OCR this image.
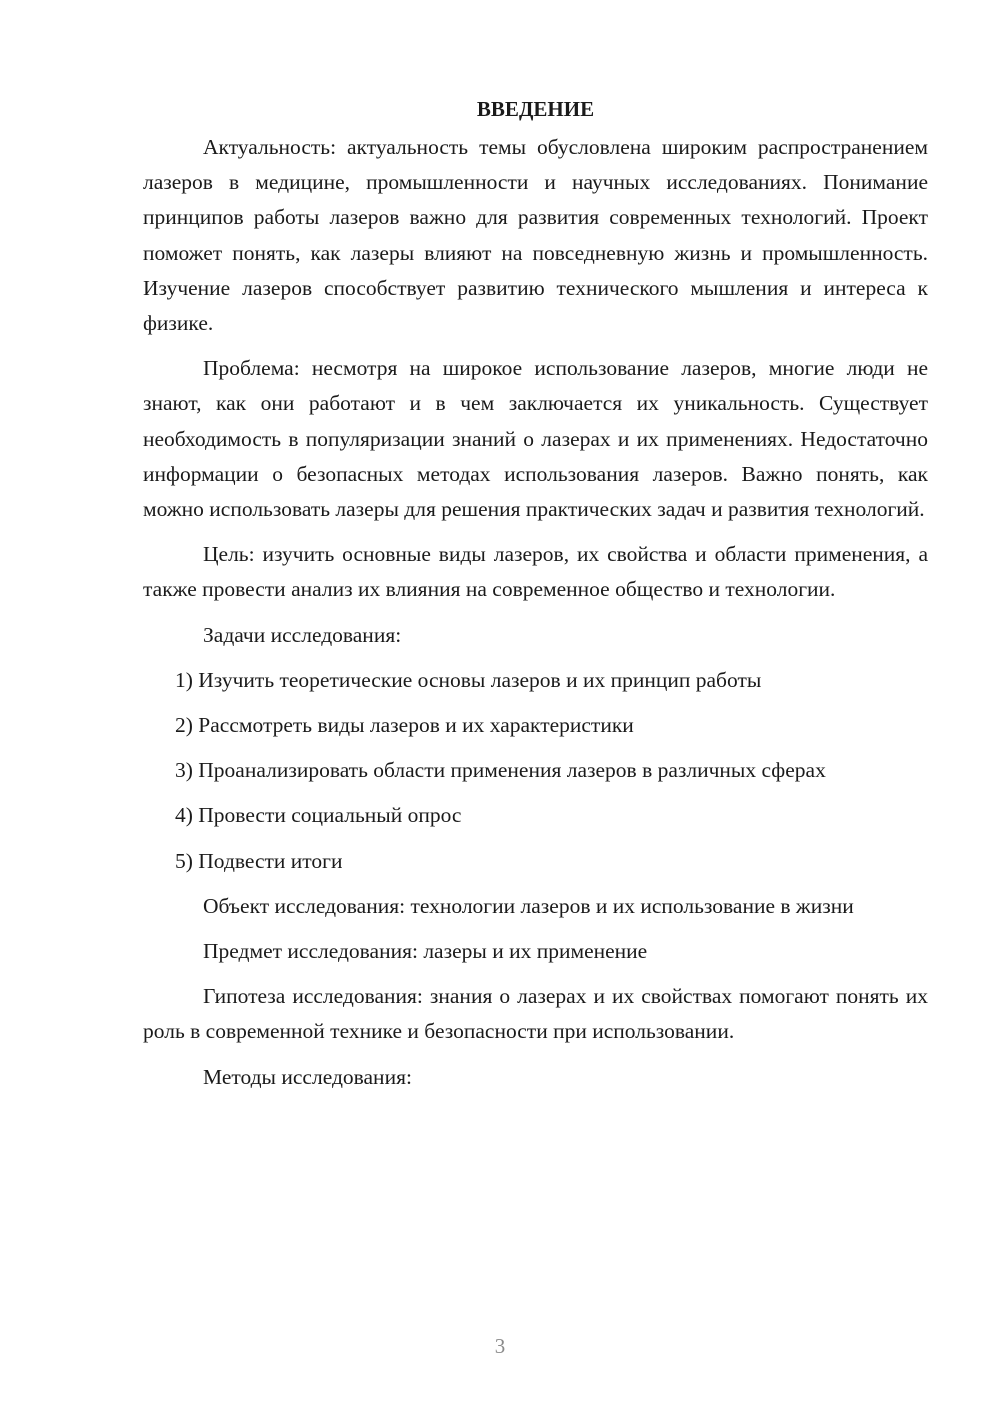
ВВЕДЕНИЕ

Актуальность: актуальность темы обусловлена широким распространением лазеров в медицине, промышленности и научных исследованиях. Понимание принципов работы лазеров важно для развития современных технологий. Проект поможет понять, как лазеры влияют на повседневную жизнь и промышленность. Изучение лазеров способствует развитию технического мышления и интереса к физике.

Проблема: несмотря на широкое использование лазеров, многие люди не знают, как они работают и в чем заключается их уникальность. Существует необходимость в популяризации знаний о лазерах и их применениях. Недостаточно информации о безопасных методах использования лазеров. Важно понять, как можно использовать лазеры для решения практических задач и развития технологий.

Цель: изучить основные виды лазеров, их свойства и области применения, а также провести анализ их влияния на современное общество и технологии.

Задачи исследования:

1) Изучить теоретические основы лазеров и их принцип работы

2) Рассмотреть виды лазеров и их характеристики

3) Проанализировать области применения лазеров в различных сферах

4) Провести социальный опрос

5) Подвести итоги

Объект исследования: технологии лазеров и их использование в жизни

Предмет исследования: лазеры и их применение

Гипотеза исследования: знания о лазерах и их свойствах помогают понять их роль в современной технике и безопасности при использовании.

Методы исследования:

3
